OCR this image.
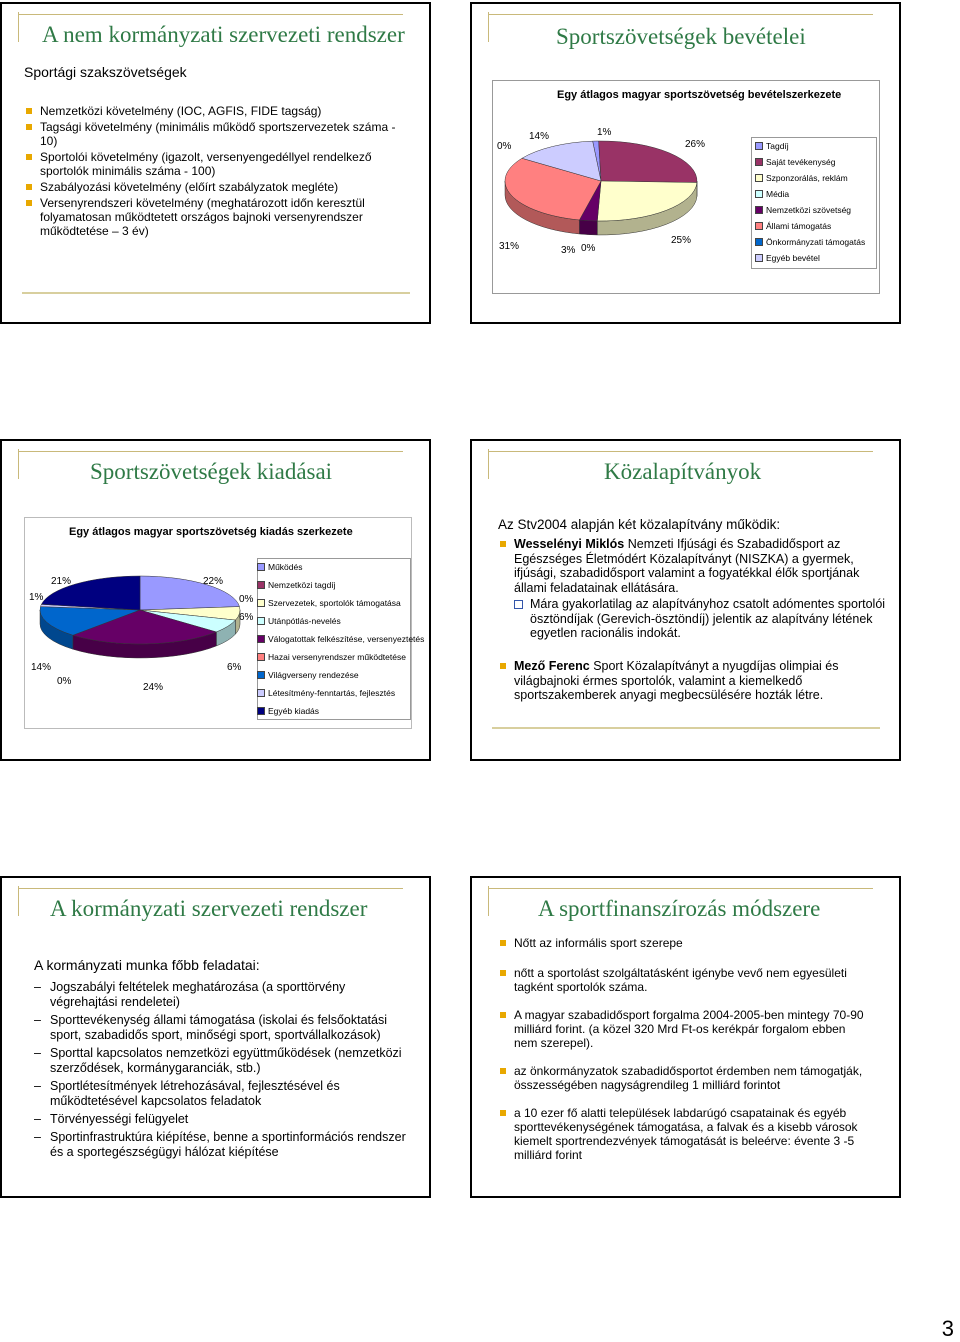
A nem kormányzati szervezeti rendszer
Sportági szakszövetségek
Nemzetközi követelmény (IOC, AGFIS, FIDE tagság)
Tagsági követelmény (minimális működő sportszervezetek száma - 10)
Sportolói követelmény (igazolt, versenyengedéllyel rendelkező sportolók minimális száma - 100)
Szabályozási követelmény (előírt szabályzatok megléte)
Versenyrendszeri követelmény (meghatározott időn keresztül folyamatosan működtetett országos bajnoki versenyrendszer működtetése – 3 év)
Sportszövetségek bevételei
Egy átlagos magyar sportszövetség bevételszerkezete
0%
14%	1%
26%
25%
31%	3% 0%
Tagdíj
Saját tevékenység
Szponzorálás, reklám
Média
Nemzetközi szövetség
Állami támogatás
Önkormányzati támogatás
Egyéb bevétel
Sportszövetségek kiadásai
Egy átlagos magyar sportszövetség kiadás szerkezete
21%	22%
1%	0%
6%
14%
0%
6%
24%
Működés
Nemzetközi tagdíj
Szervezetek, sportolók támogatása
Utánpótlás-nevelés
Válogatottak felkészítése, versenyeztetés
Hazai versenyrendszer működtetése
Világverseny rendezése
Létesítmény-fenntartás, fejlesztés
Egyéb kiadás
Közalapítványok
Az Stv2004 alapján két közalapítvány működik:
Wesselényi Miklós Nemzeti Ifjúsági és Szabadidősport az Egészséges Életmódért Közalapítványt (NISZKA) a gyermek, ifjúsági, szabadidősport valamint a fogyatékkal élők sportjának állami feladatainak ellátására.
Mára gyakorlatilag az alapítványhoz csatolt adómentes sportolói ösztöndíjak (Gerevich-ösztöndíj) jelentik az alapítvány létének egyetlen racionális indokát.
Mező Ferenc Sport Közalapítványt a nyugdíjas olimpiai és világbajnoki érmes sportolók, valamint a kiemelkedő sportszakemberek anyagi megbecsülésére hozták létre.
A kormányzati szervezeti rendszer
A kormányzati munka főbb feladatai:
– Jogszabályi feltételek meghatározása (a sporttörvény végrehajtási rendeletei)
– Sporttevékenység állami támogatása (iskolai és felsőoktatási sport, szabadidős sport, minőségi sport, sportvállalkozások)
– Sporttal kapcsolatos nemzetközi együttműködések (nemzetközi szerződések, kormánygaranciák, stb.)
– Sportlétesítmények létrehozásával, fejlesztésével és működtetésével kapcsolatos feladatok
– Törvényességi felügyelet
– Sportinfrastruktúra kiépítése, benne a sportinformációs rendszer és a sportegészségügyi hálózat kiépítése
A sportfinanszírozás módszere
Nőtt az informális sport szerepe
nőtt a sportolást szolgáltatásként igénybe vevő nem egyesületi tagként sportolók száma.
A magyar szabadidősport forgalma 2004-2005-ben mintegy 70-90 milliárd forint. (a közel 320 Mrd Ft-os kerékpár forgalom ebben nem szerepel).
az önkormányzatok szabadidősportot érdemben nem támogatják, összességében nagyságrendileg 1 milliárd forintot
a 10 ezer fő alatti települések labdarúgó csapatainak és egyéb sporttevékenységének támogatása, a falvak és a kisebb városok kiemelt sportrendezvények támogatását is beleérve: évente 3 -5 milliárd forint
3
